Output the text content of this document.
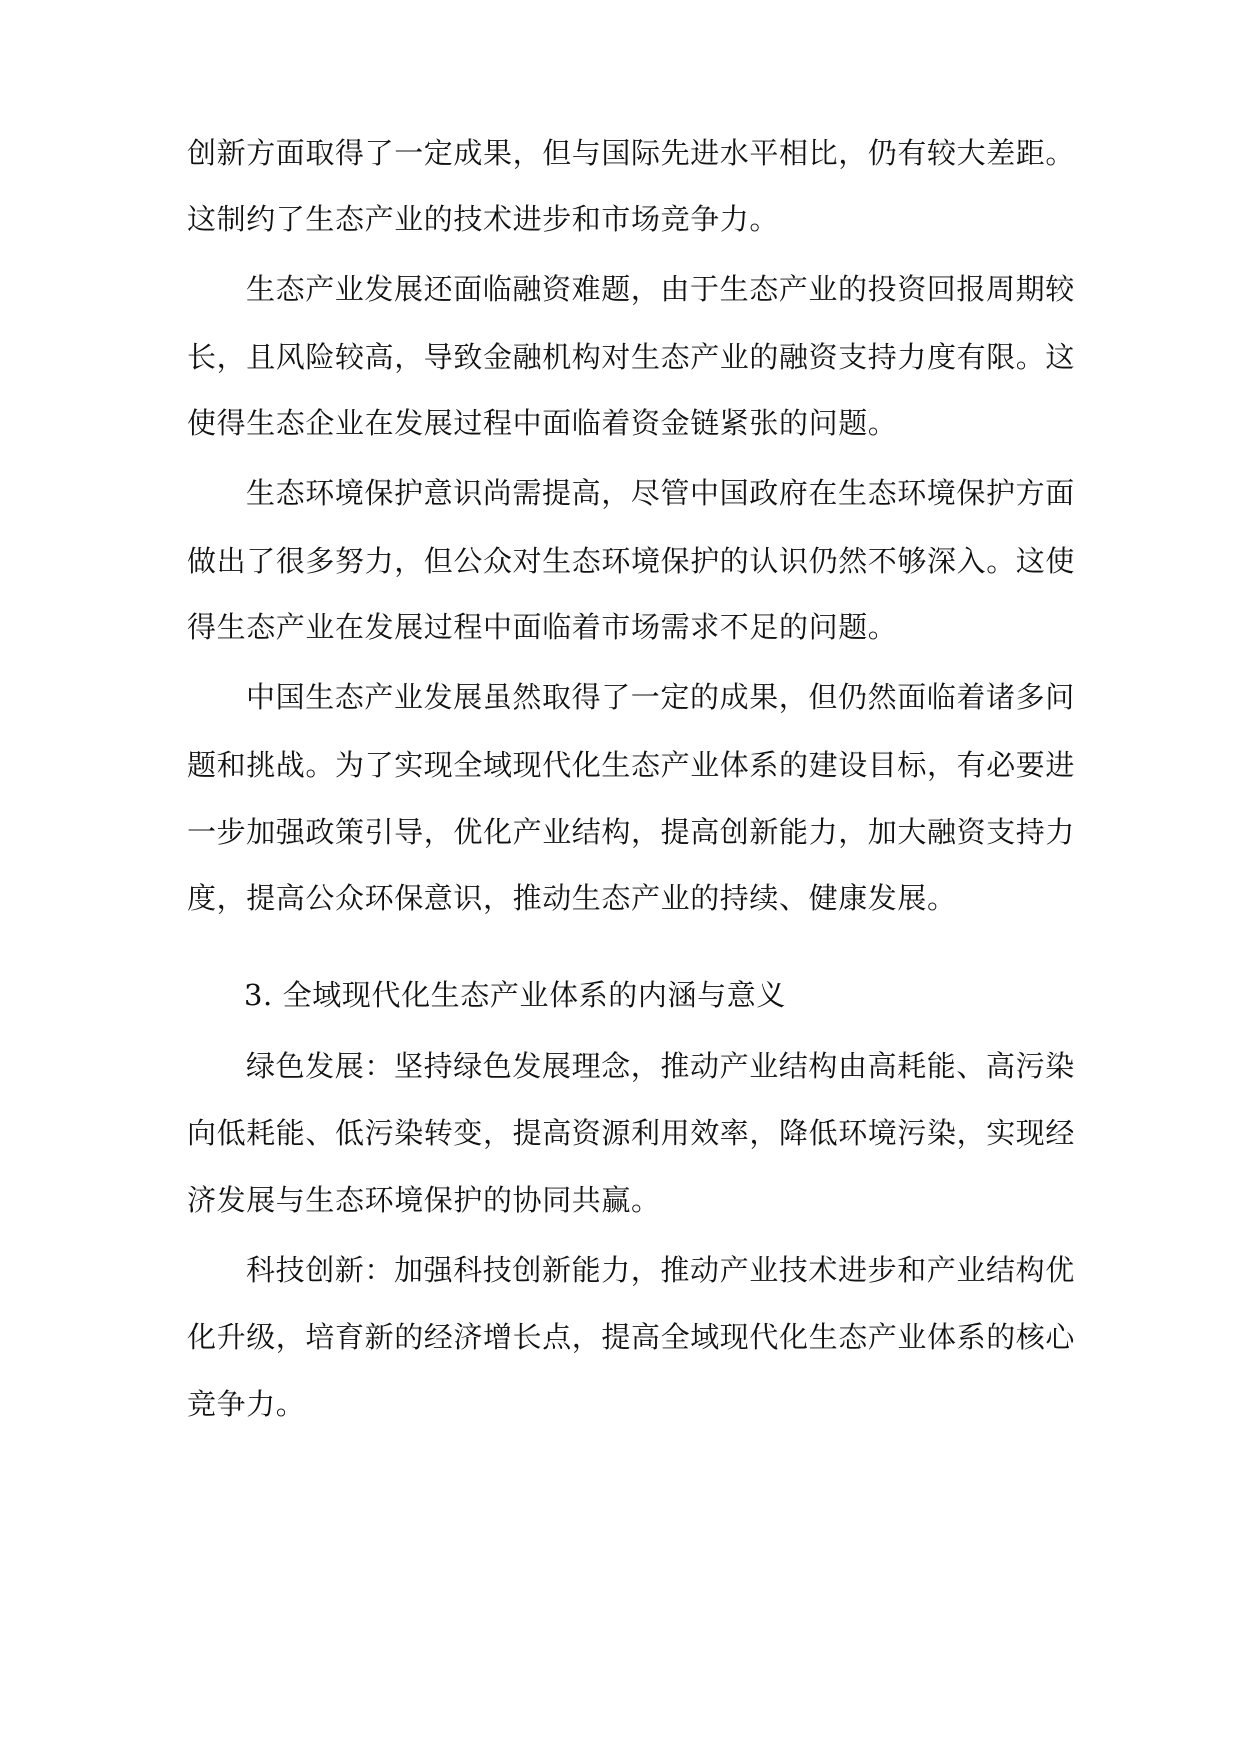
创新方面取得了一定成果，但与国际先进水平相比，仍有较大差距。
这制约了生态产业的技术进步和市场竞争力。
生态产业发展还面临融资难题，由于生态产业的投资回报周期较
长，且风险较高，导致金融机构对生态产业的融资支持力度有限。这
使得生态企业在发展过程中面临着资金链紧张的问题。
生态环境保护意识尚需提高，尽管中国政府在生态环境保护方面
做出了很多努力，但公众对生态环境保护的认识仍然不够深入。这使
得生态产业在发展过程中面临着市场需求不足的问题。
中国生态产业发展虽然取得了一定的成果，但仍然面临着诸多问
题和挑战。为了实现全域现代化生态产业体系的建设目标，有必要进
一步加强政策引导，优化产业结构，提高创新能力，加大融资支持力
度，提高公众环保意识，推动生态产业的持续、健康发展。
3. 全域现代化生态产业体系的内涵与意义
绿色发展：坚持绿色发展理念，推动产业结构由高耗能、高污染
向低耗能、低污染转变，提高资源利用效率，降低环境污染，实现经
济发展与生态环境保护的协同共赢。
科技创新：加强科技创新能力，推动产业技术进步和产业结构优
化升级，培育新的经济增长点，提高全域现代化生态产业体系的核心
竞争力。
